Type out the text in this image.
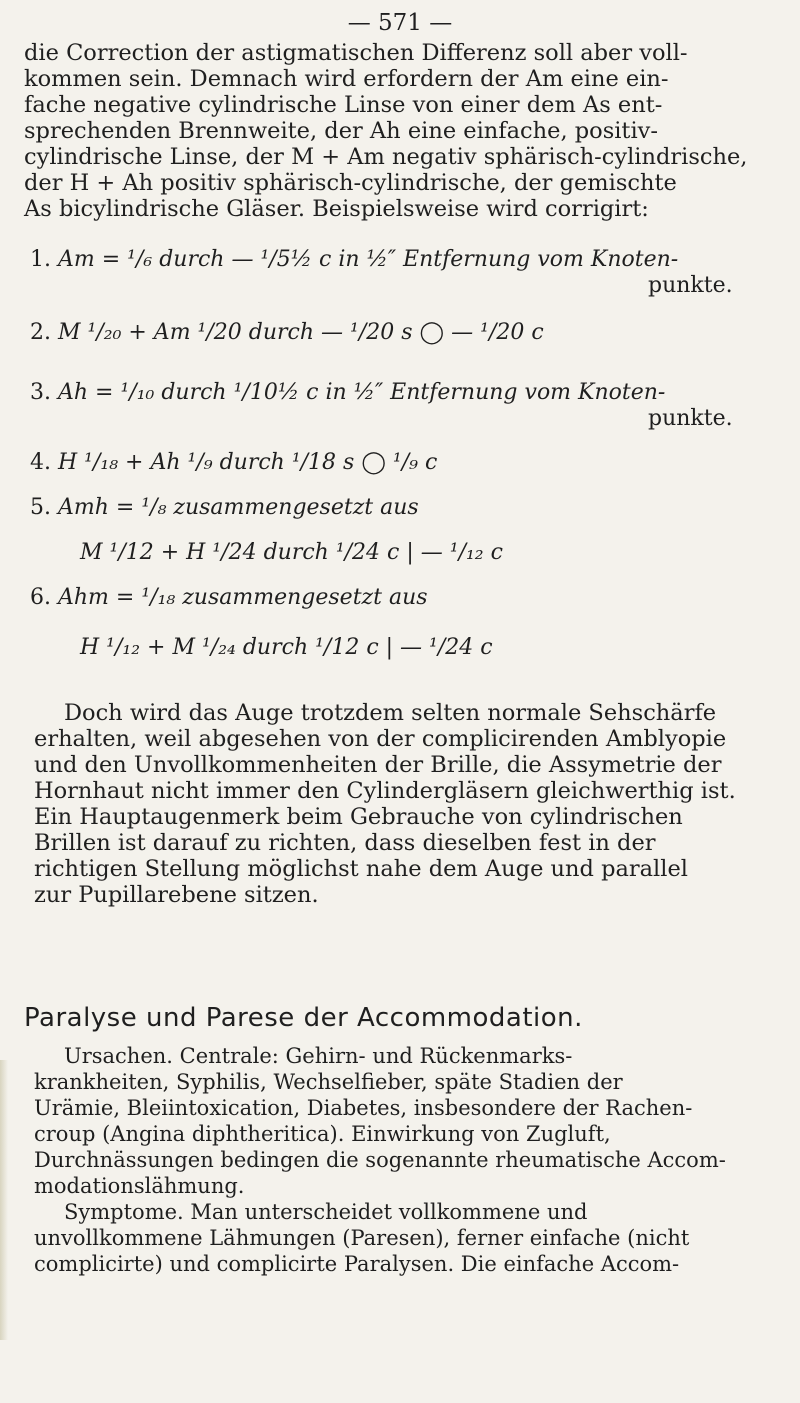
— 571 —

die Correction der astigmatischen Differenz soll aber voll-

kommen sein. Demnach wird erfordern der Am eine ein-

fache negative cylindrische Linse von einer dem As ent-

sprechenden Brennweite, der Ah eine einfache, positiv-

cylindrische Linse, der M + Am negativ sphärisch-cylindrische,

der H + Ah positiv sphärisch-cylindrische, der gemischte

As bicylindrische Gläser. Beispielsweise wird corrigirt:

1. Am = ¹/₆ durch — ¹/5½ c in ½″ Entfernung vom Knoten-
punkte.
2. M ¹/₂₀ + Am ¹/20 durch — ¹/20 s ◯ — ¹/20 c
3. Ah = ¹/₁₀ durch ¹/10½ c in ½″ Entfernung vom Knoten-
punkte.
4. H ¹/₁₈ + Ah ¹/₉ durch ¹/18 s ◯ ¹/₉ c
5. Amh = ¹/₈ zusammengesetzt aus
M ¹/12 + H ¹/24 durch ¹/24 c | — ¹/₁₂ c
6. Ahm = ¹/₁₈ zusammengesetzt aus
H ¹/₁₂ + M ¹/₂₄ durch ¹/12 c | — ¹/24 c

Doch wird das Auge trotzdem selten normale Sehschärfe

erhalten, weil abgesehen von der complicirenden Amblyopie

und den Unvollkommenheiten der Brille, die Assymetrie der

Hornhaut nicht immer den Cylindergläsern gleichwerthig ist.

Ein Hauptaugenmerk beim Gebrauche von cylindrischen

Brillen ist darauf zu richten, dass dieselben fest in der

richtigen Stellung möglichst nahe dem Auge und parallel

zur Pupillarebene sitzen.

Paralyse und Parese der Accommodation.

Ursachen. Centrale: Gehirn- und Rückenmarks-

krankheiten, Syphilis, Wechselfieber, späte Stadien der

Urämie, Bleiintoxication, Diabetes, insbesondere der Rachen-

croup (Angina diphtheritica). Einwirkung von Zugluft,

Durchnässungen bedingen die sogenannte rheumatische Accom-

modationslähmung.

Symptome. Man unterscheidet vollkommene und

unvollkommene Lähmungen (Paresen), ferner einfache (nicht

complicirte) und complicirte Paralysen. Die einfache Accom-
